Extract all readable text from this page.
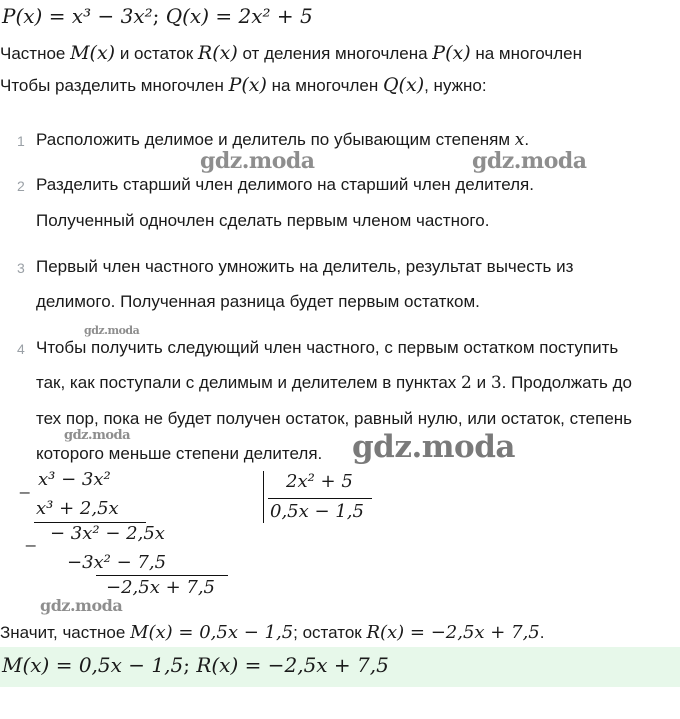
P(x) = x³ − 3x²; Q(x) = 2x² + 5
Частное M(x) и остаток R(x) от деления многочлена P(x) на многочлен
Чтобы разделить многочлен P(x) на многочлен Q(x), нужно:
1 Расположить делимое и делитель по убывающим степеням x.
2 Разделить старший член делимого на старший член делителя.
Полученный одночлен сделать первым членом частного.
3 Первый член частного умножить на делитель, результат вычесть из
делимого. Полученная разница будет первым остатком.
4 Чтобы получить следующий член частного, с первым остатком поступить
так, как поступали с делимым и делителем в пунктах 2 и 3. Продолжать до
тех пор, пока не будет получен остаток, равный нулю, или остаток, степень
которого меньше степени делителя.
_ x³ − 3x²
x³ + 2,5x
_ − 3x² − 2,5x
−3x² − 7,5
−2,5x + 7,5
2x² + 5
0,5x − 1,5
Значит, частное M(x) = 0,5x − 1,5; остаток R(x) = −2,5x + 7,5.
M(x) = 0,5x − 1,5; R(x) = −2,5x + 7,5
gdz.moda	gdz.moda
gdz.moda
gdz.moda	gdz.moda
gdz.moda
